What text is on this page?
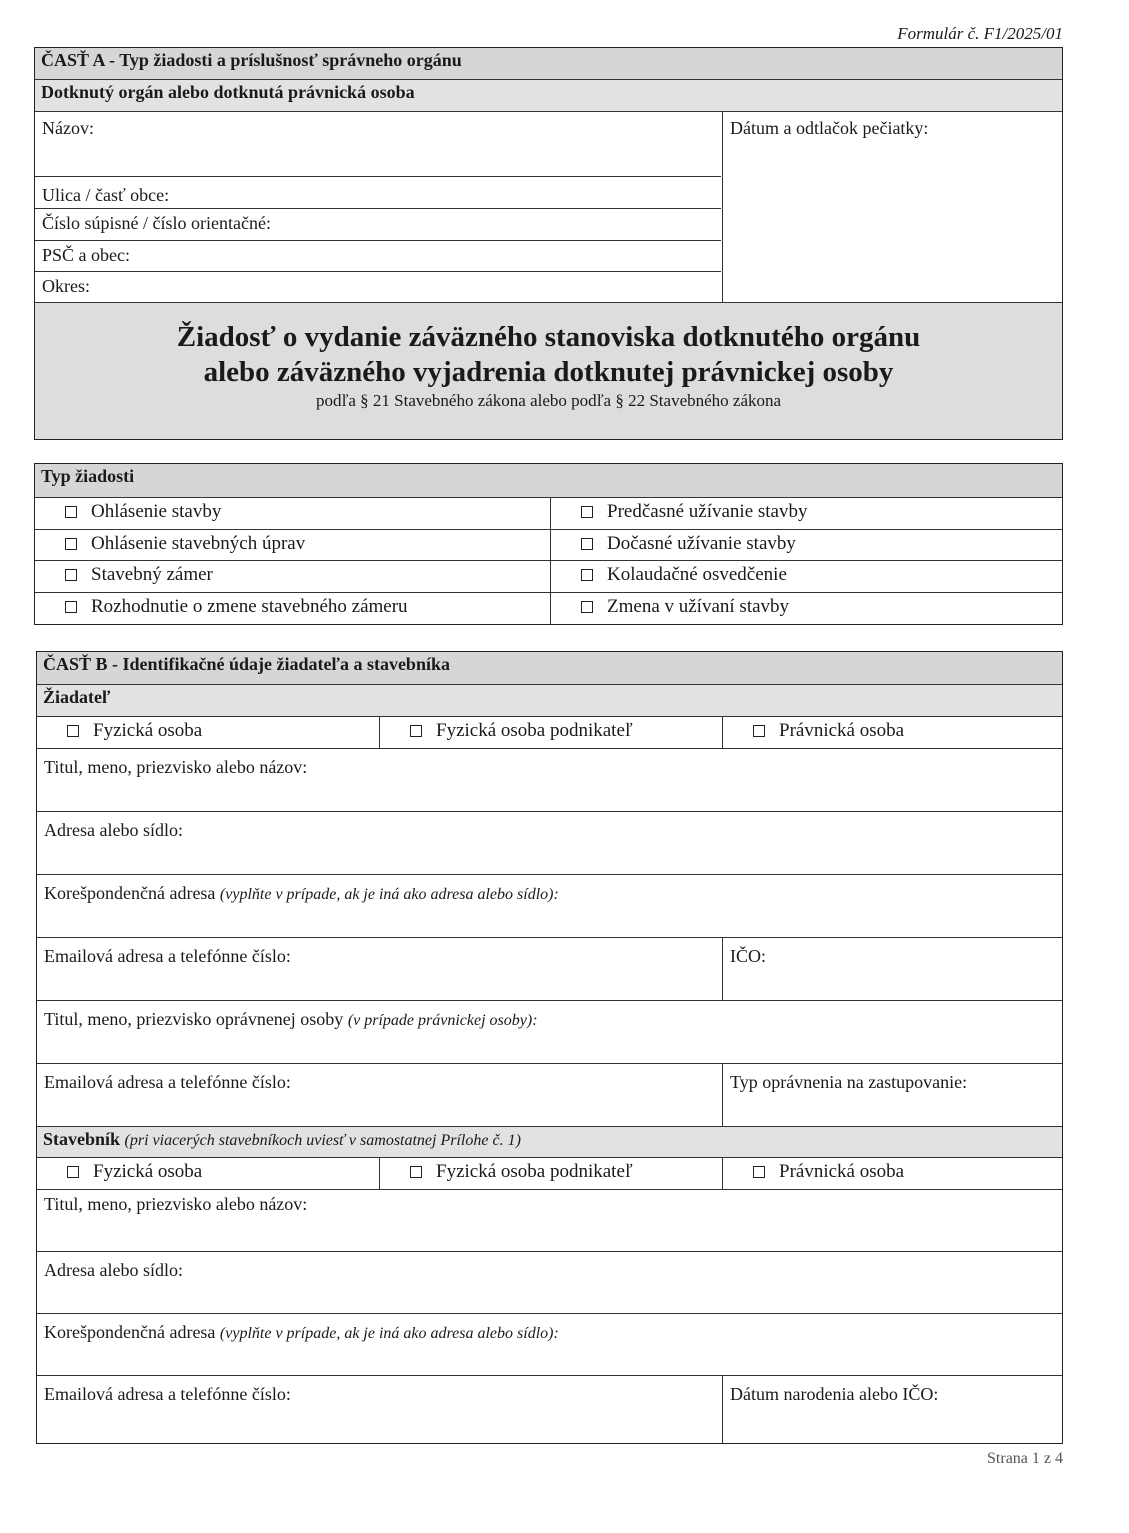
Formulár č. F1/2025/01
ČASŤ A - Typ žiadosti a príslušnosť správneho orgánu
Dotknutý orgán alebo dotknutá právnická osoba
Názov:	Dátum a odtlačok pečiatky:
Ulica / časť obce:
Číslo súpisné / číslo orientačné:
PSČ a obec:
Okres:
Žiadosť o vydanie záväzného stanoviska dotknutého orgánu
alebo záväzného vyjadrenia dotknutej právnickej osoby
podľa § 21 Stavebného zákona alebo podľa § 22 Stavebného zákona
Typ žiadosti
Ohlásenie stavby	Predčasné užívanie stavby
Ohlásenie stavebných úprav	Dočasné užívanie stavby
Stavebný zámer	Kolaudačné osvedčenie
Rozhodnutie o zmene stavebného zámeru	Zmena v užívaní stavby
ČASŤ B - Identifikačné údaje žiadateľa a stavebníka
Žiadateľ
Fyzická osoba	Fyzická osoba podnikateľ	Právnická osoba
Titul, meno, priezvisko alebo názov:
Adresa alebo sídlo:
Korešpondenčná adresa (vyplňte v prípade, ak je iná ako adresa alebo sídlo):
Emailová adresa a telefónne číslo:	IČO:
Titul, meno, priezvisko oprávnenej osoby (v prípade právnickej osoby):
Emailová adresa a telefónne číslo:	Typ oprávnenia na zastupovanie:
Stavebník (pri viacerých stavebníkoch uviesť v samostatnej Prílohe č. 1)
Fyzická osoba	Fyzická osoba podnikateľ	Právnická osoba
Titul, meno, priezvisko alebo názov:
Adresa alebo sídlo:
Korešpondenčná adresa (vyplňte v prípade, ak je iná ako adresa alebo sídlo):
Emailová adresa a telefónne číslo:	Dátum narodenia alebo IČO:
Strana 1 z 4
